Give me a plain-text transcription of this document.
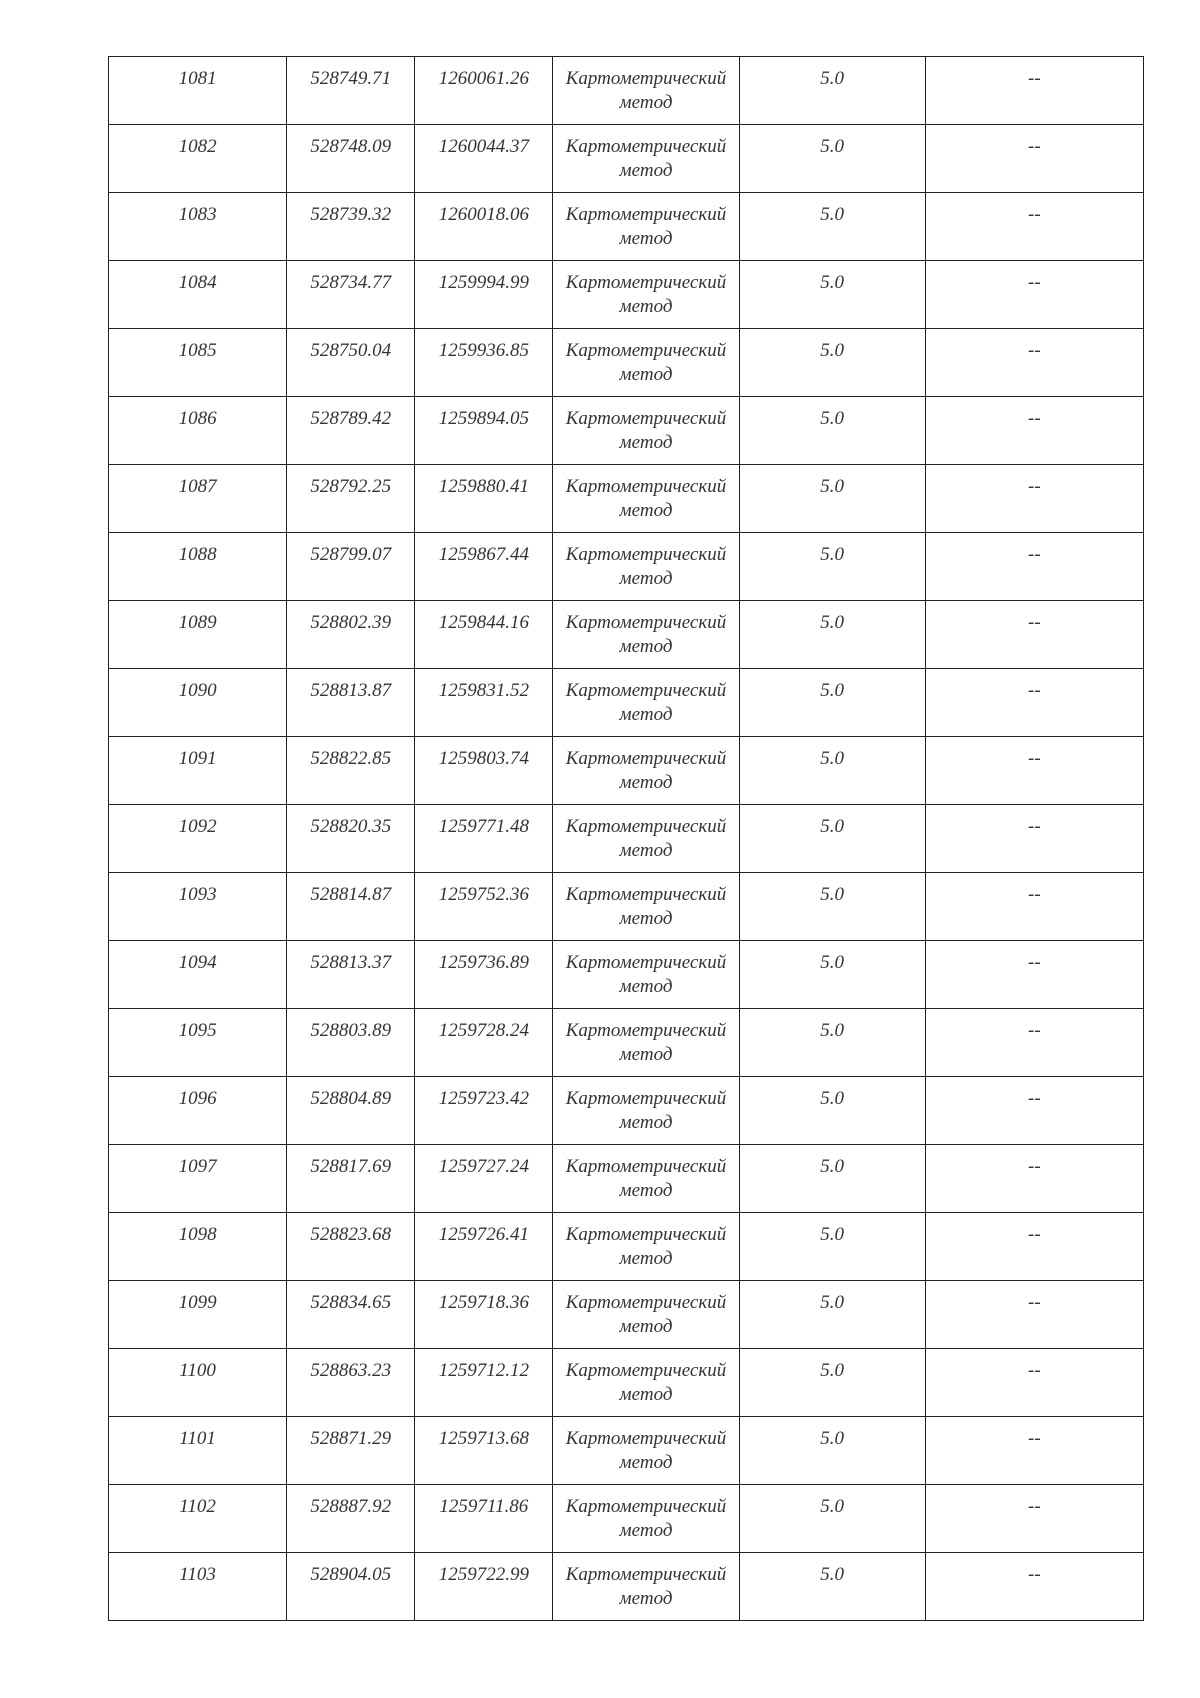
1081	528749.71	1260061.26	Картометрический метод	5.0	--

1082	528748.09	1260044.37	Картометрический метод	5.0	--

1083	528739.32	1260018.06	Картометрический метод	5.0	--

1084	528734.77	1259994.99	Картометрический метод	5.0	--

1085	528750.04	1259936.85	Картометрический метод	5.0	--

1086	528789.42	1259894.05	Картометрический метод	5.0	--

1087	528792.25	1259880.41	Картометрический метод	5.0	--

1088	528799.07	1259867.44	Картометрический метод	5.0	--

1089	528802.39	1259844.16	Картометрический метод	5.0	--

1090	528813.87	1259831.52	Картометрический метод	5.0	--

1091	528822.85	1259803.74	Картометрический метод	5.0	--

1092	528820.35	1259771.48	Картометрический метод	5.0	--

1093	528814.87	1259752.36	Картометрический метод	5.0	--

1094	528813.37	1259736.89	Картометрический метод	5.0	--

1095	528803.89	1259728.24	Картометрический метод	5.0	--

1096	528804.89	1259723.42	Картометрический метод	5.0	--

1097	528817.69	1259727.24	Картометрический метод	5.0	--

1098	528823.68	1259726.41	Картометрический метод	5.0	--

1099	528834.65	1259718.36	Картометрический метод	5.0	--

1100	528863.23	1259712.12	Картометрический метод	5.0	--

1101	528871.29	1259713.68	Картометрический метод	5.0	--

1102	528887.92	1259711.86	Картометрический метод	5.0	--

1103	528904.05	1259722.99	Картометрический метод	5.0	--
